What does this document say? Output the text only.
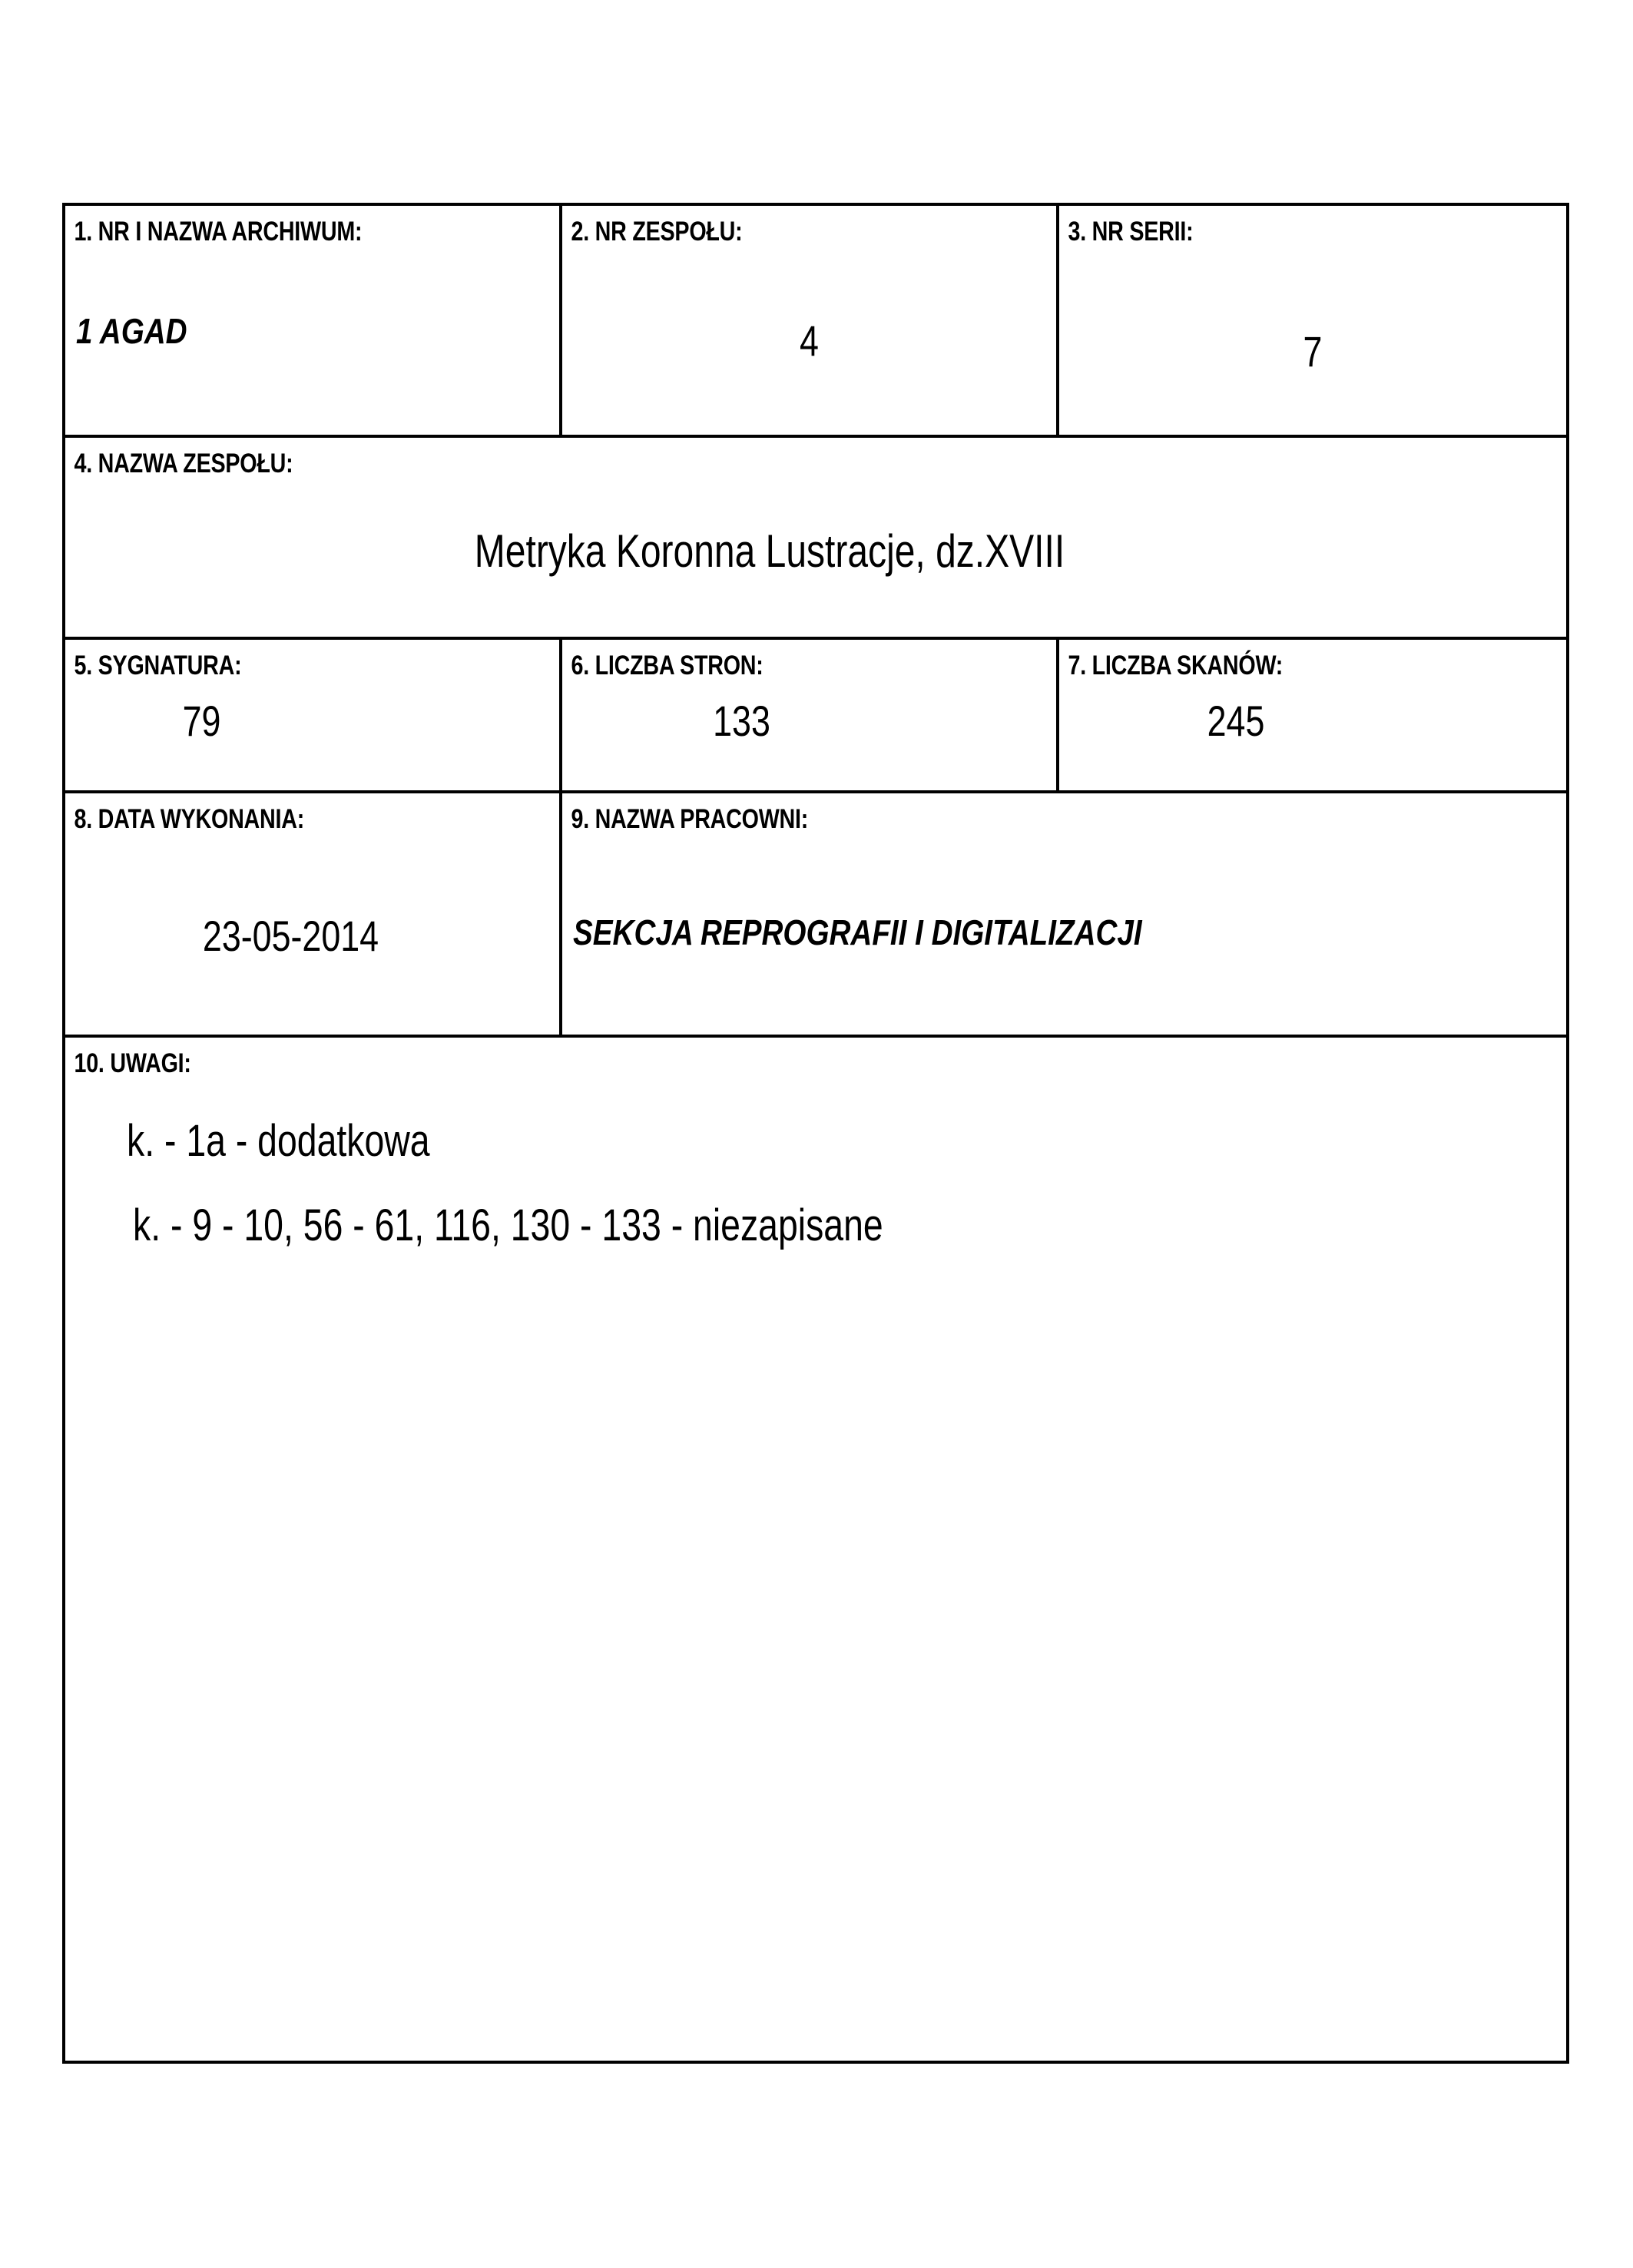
1. NR I NAZWA ARCHIWUM:
1 AGAD
2. NR ZESPOŁU:
4
3. NR SERII:
7
4. NAZWA ZESPOŁU:
Metryka Koronna Lustracje, dz.XVIII
5. SYGNATURA:
79
6. LICZBA STRON:
133
7. LICZBA SKANÓW:
245
8. DATA WYKONANIA:
23-05-2014
9. NAZWA PRACOWNI:
SEKCJA REPROGRAFII I DIGITALIZACJI
10. UWAGI:
k. - 1a - dodatkowa
k. - 9 - 10, 56 - 61, 116, 130 - 133 - niezapisane
